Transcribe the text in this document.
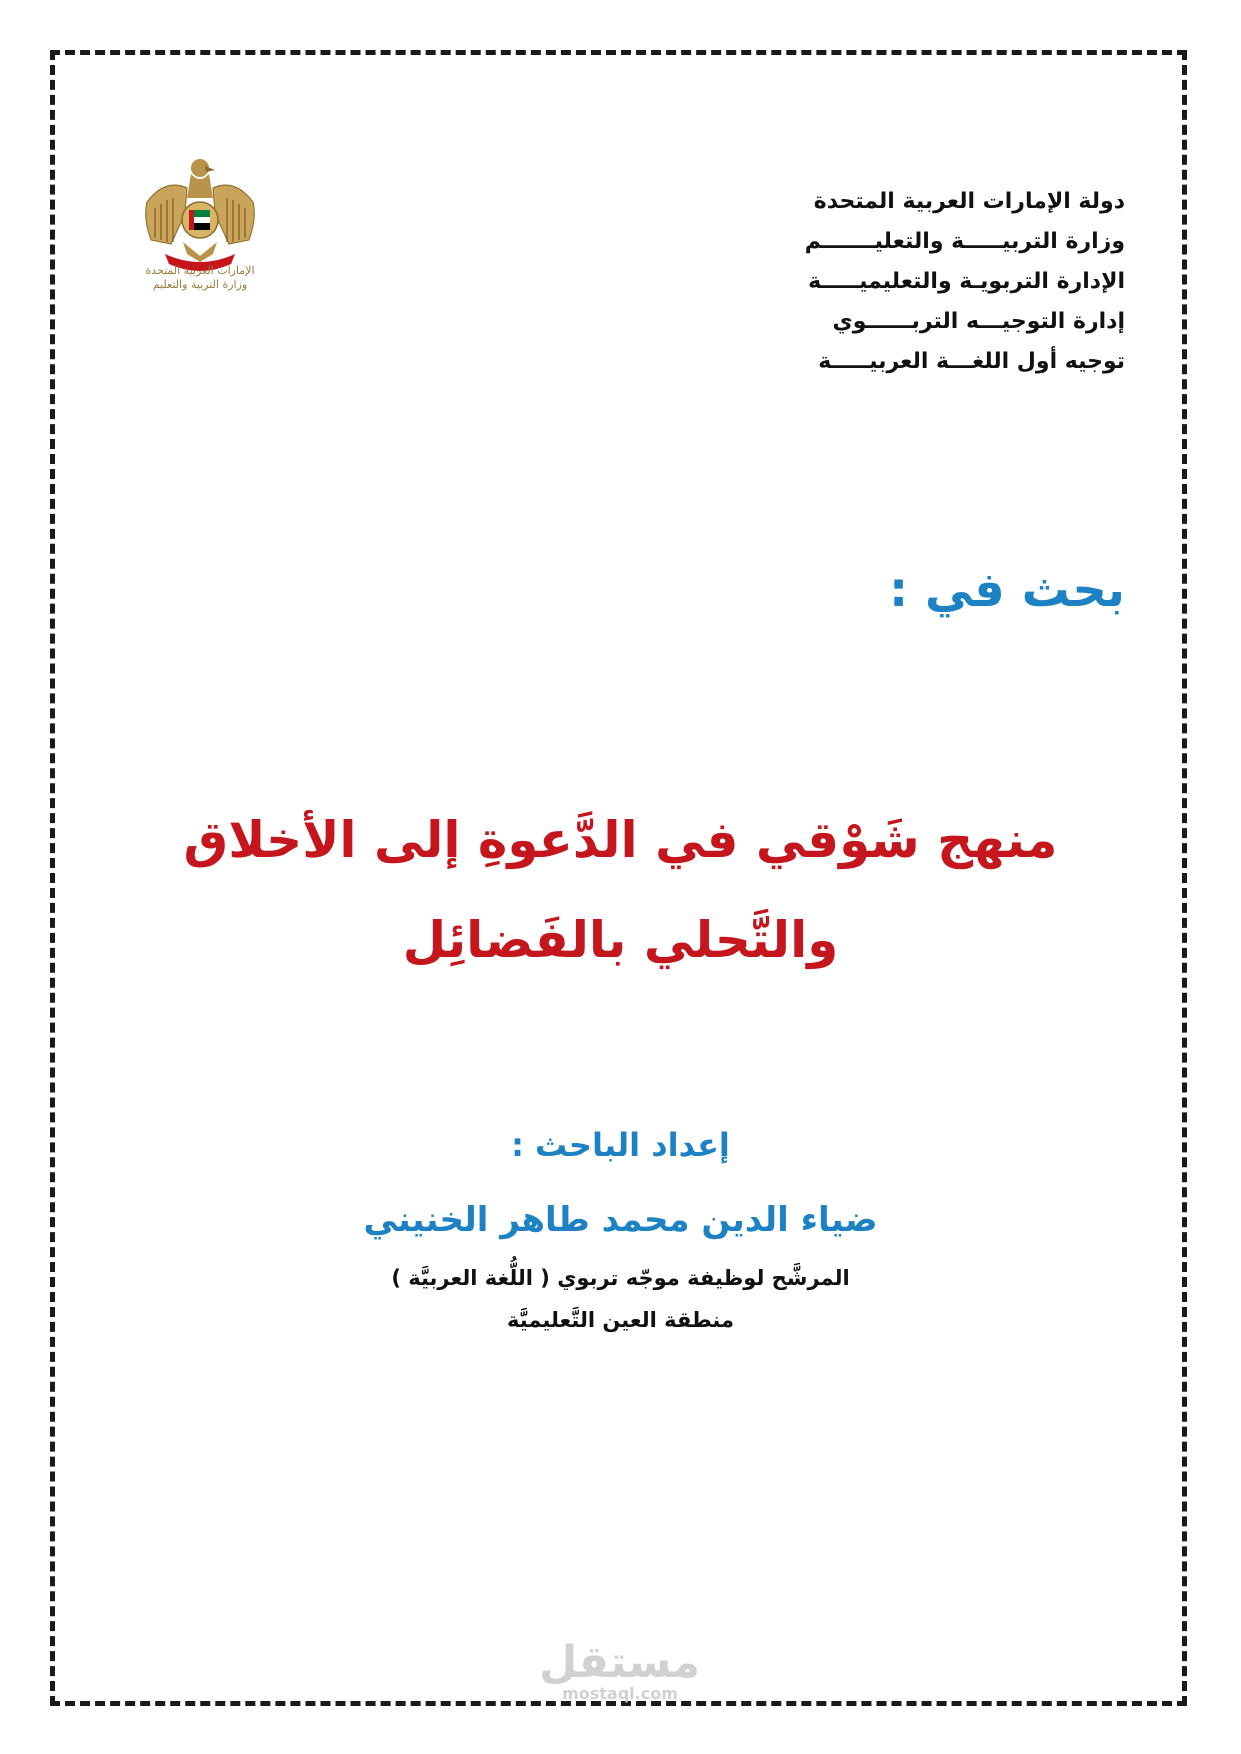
دولة الإمارات العربية المتحدة
وزارة التربيـــــة والتعليـــــــم
الإدارة التربويـة والتعليميـــــة
إدارة التوجيـــه التربــــــوي
توجيه أول اللغـــة العربيـــــة
الإمارات العربية المتحدة
وزارة التربية والتعليم
بحث في :
منهج شَوْقي في الدَّعوةِ إلى الأخلاق
والتَّحلي بالفَضائِل
إعداد الباحث :
ضياء الدين محمد طاهر الخنيني
المرشَّح لوظيفة موجّه تربوي ( اللُّغة العربيَّة )
منطقة العين التَّعليميَّة
مستقل
mostaql.com
